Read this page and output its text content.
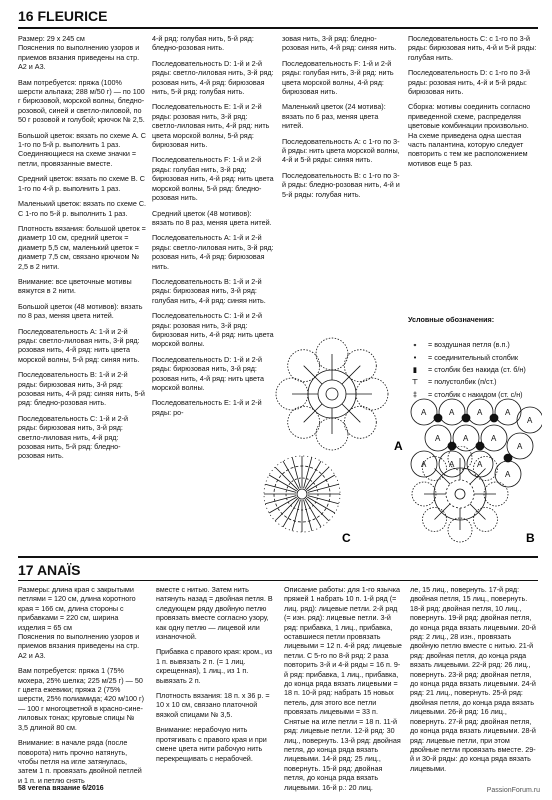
16 FLEURICE
Размер: 29 x 245 см
Пояснения по выполнению узоров и приемов вязания приведены на стр. А2 и А3.
Вам потребуется: пряжа (100% шерсти альпака; 288 м/50 г) — по 100 г бирюзовой, морской волны, бледно-розовой, синей и светло-лиловой, по 50 г розовой и голубой; крючок № 2,5.
Большой цветок: вязать по схеме А. С 1-го по 5-й р. выполнить 1 раз. Соединяющиеся на схеме значки = петли, провязанные вместе.
Средний цветок: вязать по схеме В. С 1-го по 4-й р. выполнить 1 раз.
Маленький цветок: вязать по схеме С. С 1-го по 5-й р. выполнить 1 раз.
Плотность вязания: большой цветок = диаметр 10 см, средний цветок = диаметр 5,5 см, маленький цветок = диаметр 7,5 см, связано крючком № 2,5 в 2 нити.
Внимание: все цветочные мотивы вяжутся в 2 нити.
Большой цветок (48 мотивов): вязать по 8 раз, меняя цвета нитей.
Последовательность А: 1-й и 2-й ряды: светло-лиловая нить, 3-й ряд: розовая нить, 4-й ряд: нить цвета морской волны, 5-й ряд: синяя нить.
Последовательность В: 1-й и 2-й ряды: бирюзовая нить, 3-й ряд: розовая нить, 4-й ряд: синяя нить, 5-й ряд: бледно-розовая нить.
Последовательность С: 1-й и 2-й ряды: бирюзовая нить, 3-й ряд: светло-лиловая нить, 4-й ряд: розовая нить, 5-й ряд: бледно-розовая нить.
4-й ряд: голубая нить, 5-й ряд: бледно-розовая нить.
Последовательность D: 1-й и 2-й ряды: светло-лиловая нить, 3-й ряд: розовая нить, 4-й ряд: бирюзовая нить, 5-й ряд: голубая нить.
Последовательность E: 1-й и 2-й ряды: розовая нить, 3-й ряд: светло-лиловая нить, 4-й ряд: нить цвета морской волны, 5-й ряд: бирюзовая нить.
Последовательность F: 1-й и 2-й ряды: голубая нить, 3-й ряд: бирюзовая нить, 4-й ряд: нить цвета морской волны, 5-й ряд: бледно-розовая нить.
Средний цветок (48 мотивов): вязать по 8 раз, меняя цвета нитей.
Последовательность А: 1-й и 2-й ряды: светло-лиловая нить, 3-й ряд: розовая нить, 4-й ряд: бирюзовая нить.
Последовательность В: 1-й и 2-й ряды: бирюзовая нить, 3-й ряд: голубая нить, 4-й ряд: синяя нить.
Последовательность С: 1-й и 2-й ряды: розовая нить, 3-й ряд: бирюзовая нить, 4-й ряд: нить цвета морской волны.
Последовательность D: 1-й и 2-й ряды: бирюзовая нить, 3-й ряд: розовая нить, 4-й ряд: нить цвета морской волны.
Последовательность Е: 1-й и 2-й ряды: ро-
зовая нить, 3-й ряд: бледно-розовая нить, 4-й ряд: синяя нить.
Последовательность F: 1-й и 2-й ряды: голубая нить, 3-й ряд: нить цвета морской волны, 4-й ряд: бирюзовая нить.
Маленький цветок (24 мотива): вязать по 6 раз, меняя цвета нитей.
Последовательность А: с 1-го по 3-й ряды: нить цвета морской волны, 4-й и 5-й ряды: синяя нить.
Последовательность В: с 1-го по 3-й ряды: бледно-розовая нить, 4-й и 5-й ряды: голубая нить.
Последовательность С: с 1-го по 3-й ряды: бирюзовая нить, 4-й и 5-й ряды: голубая нить.
Последовательность D: с 1-го по 3-й ряды: розовая нить, 4-й и 5-й ряды: бирюзовая нить.
Сборка: мотивы соединить согласно приведенной схеме, распределяя цветовые комбинации произвольно. На схеме приведена одна шестая часть палантина, которую следует повторить с тем же расположением мотивов еще 5 раз.

Условные обозначения:

∘	= воздушная петля (в.п.)
•	= соединительный столбик
▮	= столбик без накида (ст. б/н)
⊤	= полустолбик (п/ст.)
‡	= столбик с накидом (ст. с/н)

A
A	A	A	A
A
A	A	A
A
A	A	A
A
C	B
17 ANAÏS
Размеры: длина края с закрытыми петлями = 120 см, длина коротного края = 166 см, длина стороны с прибавками = 220 см, ширина изделия = 65 см
Пояснения по выполнению узоров и приемов вязания приведены на стр. А2 и А3.
Вам потребуется: пряжа 1 (75% мохера, 25% шелка; 225 м/25 г) — 50 г цвета ежевики; пряжа 2 (75% шерсти, 25% полиамида; 420 м/100 г) — 100 г многоцветной в красно-сине-лиловых тонах; круговые спицы № 3,5 длиной 80 см.
Внимание: в начале ряда (после поворота) нить прочно натянуть, чтобы петля на игле затянулась, затем 1 п. провязать двойной петлей и 1 п. и петлю снять
вместе с нитью. Затем нить натянуть назад = двойная петля. В следующем ряду двойную петлю провязать вместе согласно узору, как одну петлю — лицевой или изнаночной.
Прибавка с правого края: кром., из 1 п. вывязать 2 п. (= 1 лиц. скрещенная), 1 лиц., из 1 п. вывязать 2 п.
Плотность вязания: 18 п. x 36 р. = 10 x 10 см, связано платочной вязкой спицами № 3,5.
Внимание: нерабочую нить протягивать с правого края и при смене цвета нити рабочую нить перекрещивать с нерабочей.
Описание работы: для 1-го язычка пряжей 1 набрать 10 п. 1-й ряд (= лиц. ряд): лицевые петли. 2-й ряд (= изн. ряд): лицевые петли. 3-й ряд: прибавка, 1 лиц., прибавка, оставшиеся петли провязать лицевыми = 12 п. 4-й ряд: лицевые петли. С 5-го по 8-й ряд: 2 раза повторить 3-й и 4-й ряды = 16 п. 9-й ряд: прибавка, 1 лиц., прибавка, до конца ряда вязать лицевыми = 18 п. 10-й ряд: набрать 15 новых петель, для этого все петли провязать лицевыми = 33 п. Снятые на игле петли = 18 п. 11-й ряд: лицевые петли. 12-й ряд: 30 лиц., повернуть. 13-й ряд: двойная петля, до конца ряда вязать лицевыми. 14-й ряд: 25 лиц., повернуть. 15-й ряд: двойная петля, до конца ряда вязать лицевыми. 16-й р.: 20 лиц.
ле, 15 лиц., повернуть. 17-й ряд: двойная петля, 15 лиц., повернуть. 18-й ряд: двойная петля, 10 лиц., повернуть. 19-й ряд: двойная петля, до конца ряда вязать лицевыми. 20-й ряд: 2 лиц., 28 изн., провязать двойную петлю вместе с нитью. 21-й ряд: двойная петля, до конца ряда вязать лицевыми. 22-й ряд: 26 лиц., повернуть. 23-й ряд: двойная петля, до конца ряда вязать лицевыми. 24-й ряд: 21 лиц., повернуть. 25-й ряд: двойная петля, до конца ряда вязать лицевыми. 26-й ряд: 16 лиц., повернуть. 27-й ряд: двойная петля, до конца ряда вязать лицевыми. 28-й ряд: лицевые петли, при этом двойные петли провязать вместе. 29-й и 30-й ряды: до конца ряда вязать лицевыми.
58 verena вязание 6/2016	PassionForum.ru
